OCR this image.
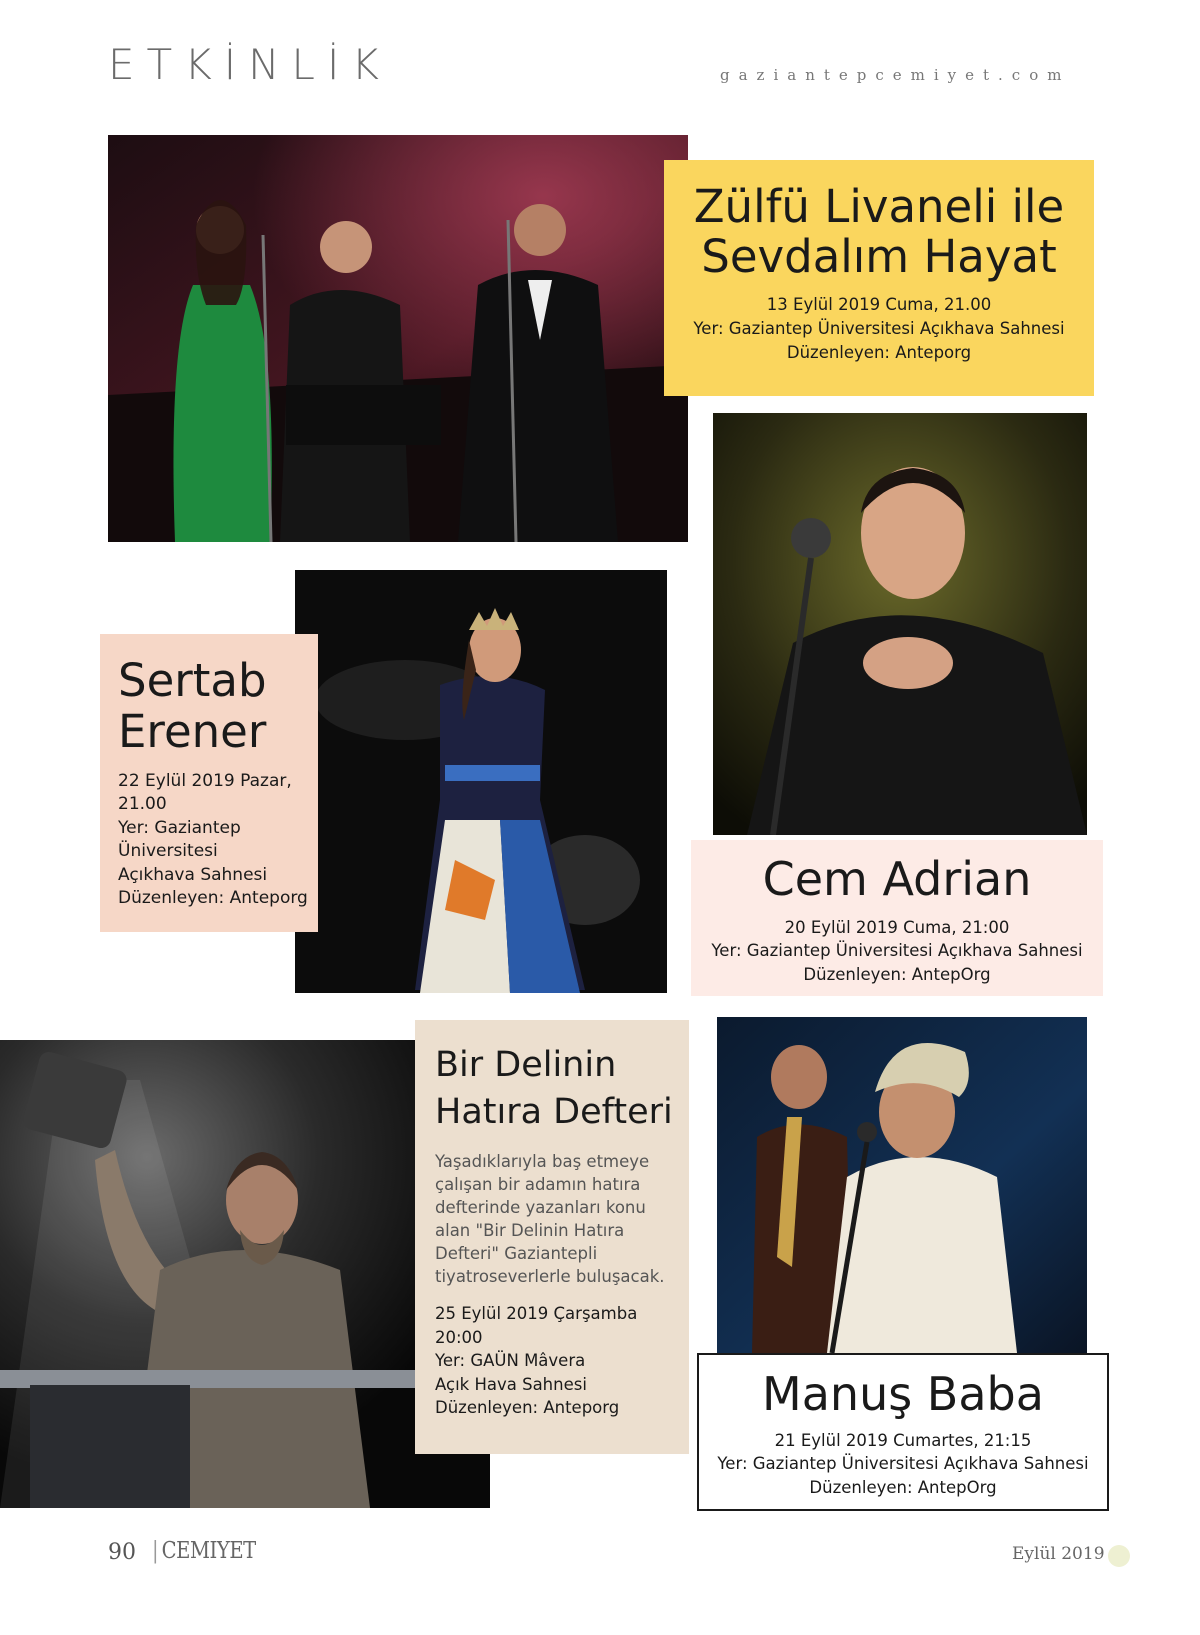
ETKİNLİK	gaziantepcemiyet.com
Zülfü Livaneli ile
Sevdalım Hayat
13 Eylül 2019 Cuma, 21.00
Yer: Gaziantep Üniversitesi Açıkhava Sahnesi
Düzenleyen: Anteporg
Sertab
Erener
22 Eylül 2019 Pazar,
21.00
Yer: Gaziantep
Üniversitesi
Açıkhava Sahnesi
Düzenleyen: Anteporg	Cem Adrian
20 Eylül 2019 Cuma, 21:00
Yer: Gaziantep Üniversitesi Açıkhava Sahnesi
Düzenleyen: AntepOrg
Bir Delinin
Hatıra Defteri
Yaşadıklarıyla baş etmeye
çalışan bir adamın hatıra
defterinde yazanları konu
alan "Bir Delinin Hatıra
Defteri" Gaziantepli
tiyatroseverlerle buluşacak.
25 Eylül 2019 Çarşamba
20:00
Yer: GAÜN Mâvera
Açık Hava Sahnesi
Düzenleyen: Anteporg	Manuş Baba
21 Eylül 2019 Cumartes, 21:15
Yer: Gaziantep Üniversitesi Açıkhava Sahnesi
Düzenleyen: AntepOrg
90 | CEMIYET	Eylül 2019
